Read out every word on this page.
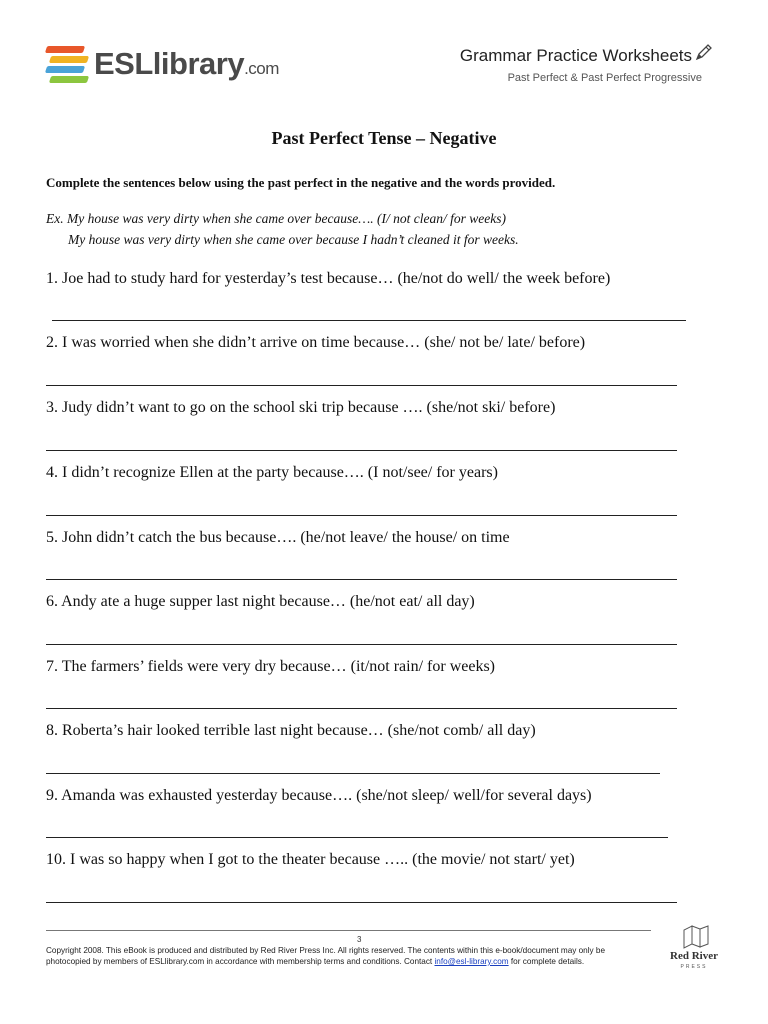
ESLlibrary.com
Grammar Practice Worksheets
Past Perfect & Past Perfect Progressive
Past Perfect Tense – Negative
Complete the sentences below using the past perfect in the negative and the words provided.
Ex. My house was very dirty when she came over because…. (I/ not clean/ for weeks)
My house was very dirty when she came over because I hadn’t cleaned it for weeks.
1. Joe had to study hard for yesterday’s test because… (he/not do well/ the week before)
2. I was worried when she didn’t arrive on time because… (she/ not be/ late/ before)
3. Judy didn’t want to go on the school ski trip because …. (she/not ski/ before)
4. I didn’t recognize Ellen at the party because…. (I not/see/ for years)
5. John didn’t catch the bus because…. (he/not leave/ the house/ on time
6. Andy ate a huge supper last night because… (he/not eat/ all day)
7. The farmers’ fields were very dry because… (it/not rain/ for weeks)
8. Roberta’s hair looked terrible last night because… (she/not comb/ all day)
9. Amanda was exhausted yesterday because…. (she/not sleep/ well/for several days)
10. I was so happy when I got to the theater because ….. (the movie/ not start/ yet)
3
Copyright 2008. This eBook is produced and distributed by Red River Press Inc. All rights reserved. The contents within this e-book/document may only be
photocopied by members of ESLlibrary.com in accordance with membership terms and conditions. Contact info@esl-library.com for complete details.	Red River
PRESS
